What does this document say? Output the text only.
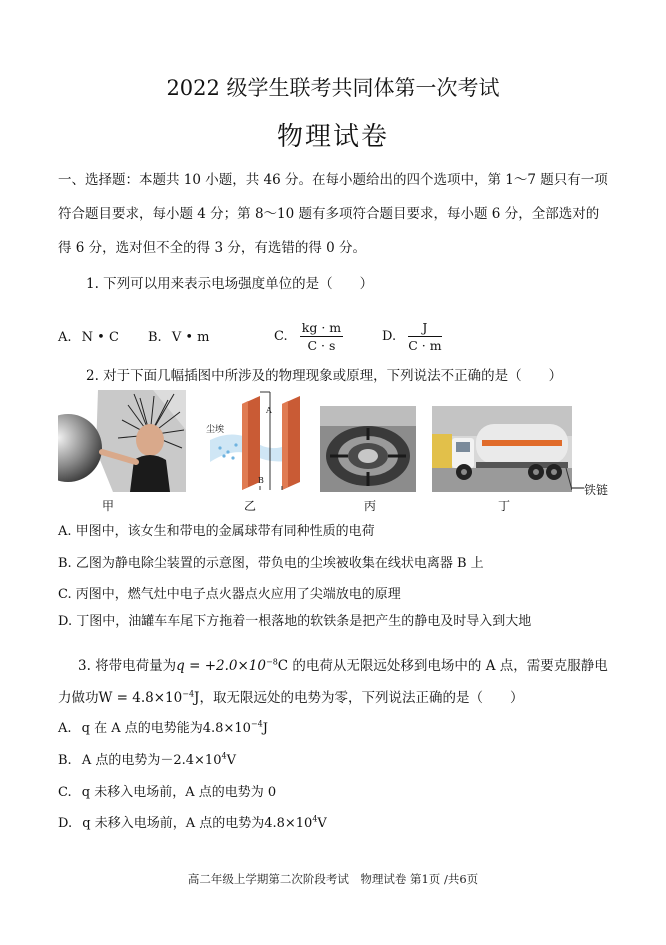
2022 级学生联考共同体第一次考试
物理试卷
一、选择题：本题共 10 小题，共 46 分。在每小题给出的四个选项中，第 1～7 题只有一项
符合题目要求，每小题 4 分；第 8～10 题有多项符合题目要求，每小题 6 分，全部选对的
得 6 分，选对但不全的得 3 分，有选错的得 0 分。
1. 下列可以用来表示电场强度单位的是（　　）
A. N • C B. V • m	C. $\frac{kg \cdot m}{C \cdot s}$	D. $\frac{J}{C \cdot m}$
2. 对于下面几幅插图中所涉及的物理现象或原理，下列说法不正确的是（　　）
甲
尘埃
A
B
乙	丙
铁链
丁
A. 甲图中，该女生和带电的金属球带有同种性质的电荷
B. 乙图为静电除尘装置的示意图，带负电的尘埃被收集在线状电离器 B 上
C. 丙图中，燃气灶中电子点火器点火应用了尖端放电的原理
D. 丁图中，油罐车车尾下方拖着一根落地的软铁条是把产生的静电及时导入到大地
3. 将带电荷量为$q = +2.0\times 10^{-8}C$ 的电荷从无限远处移到电场中的 A 点，需要克服静电
力做功$W = 4.8\times 10^{-4}J$，取无限远处的电势为零，下列说法正确的是（　　）
A. q 在 A 点的电势能为$4.8\times 10^{-4}J$
B. A 点的电势为$-2.4\times 10^4V$
C. q 未移入电场前，A 点的电势为 0
D. q 未移入电场前，A 点的电势为$4.8\times 10^4V$
高二年级上学期第二次阶段考试　物理试卷 第1页 /共6页
